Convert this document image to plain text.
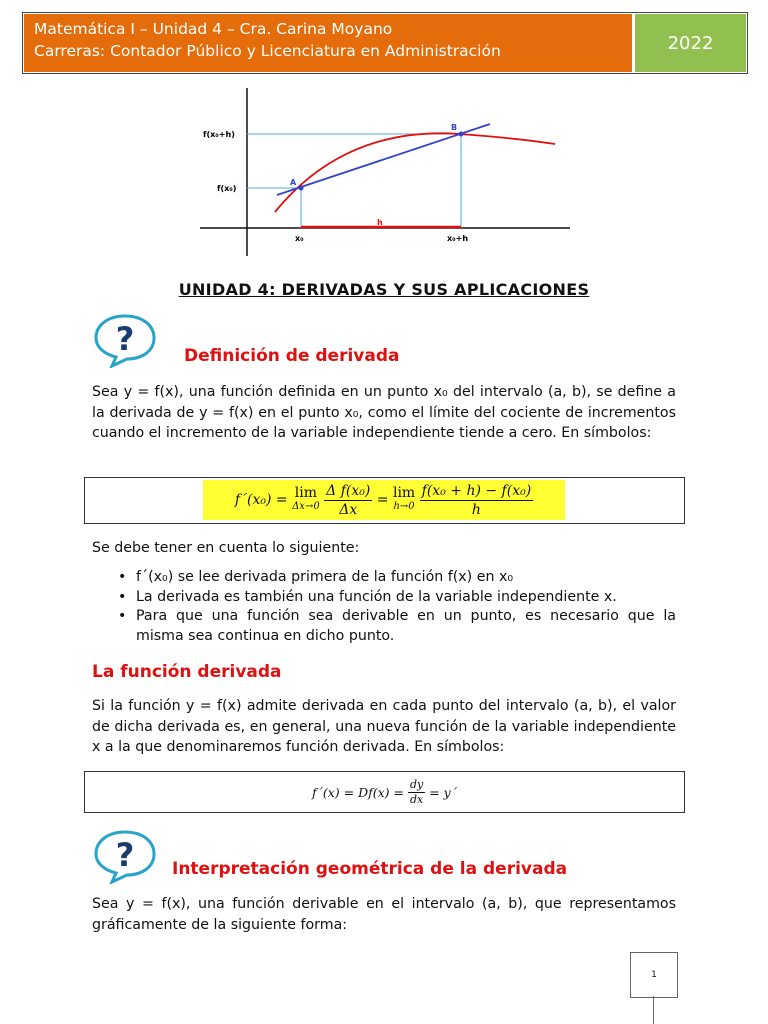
Matemática I – Unidad 4 – Cra. Carina Moyano
Carreras: Contador Público y Licenciatura en Administración	2022
f(x₀+h)
f(x₀)
A
B
h
x₀	x₀+h
UNIDAD 4: DERIVADAS Y SUS APLICACIONES
?	Definición de derivada
Sea y = f(x), una función definida en un punto x₀ del intervalo (a, b), se define a la derivada de y = f(x) en el punto x₀, como el límite del cociente de incrementos cuando el incremento de la variable independiente tiende a cero. En símbolos:
f´(x₀) =
lim
Δx→0
$\frac{\text{Δ f(x₀)}}{\Delta x}$
=
lim
h→0
$\frac{\text{f(x₀ + h) − f(x₀)}}{h}$
Se debe tener en cuenta lo siguiente:
• f´(x₀) se lee derivada primera de la función f(x) en x₀
• La derivada es también una función de la variable independiente x.
• Para que una función sea derivable en un punto, es necesario que la misma sea continua en dicho punto.
La función derivada
Si la función y = f(x) admite derivada en cada punto del intervalo (a, b), el valor de dicha derivada es, en general, una nueva función de la variable independiente x a la que denominaremos función derivada. En símbolos:
f´(x) = Df(x) =
$\frac{dy}{dx}$
= y´
? Interpretación geométrica de la derivada
Sea y = f(x), una función derivable en el intervalo (a, b), que representamos gráficamente de la siguiente forma:
1
